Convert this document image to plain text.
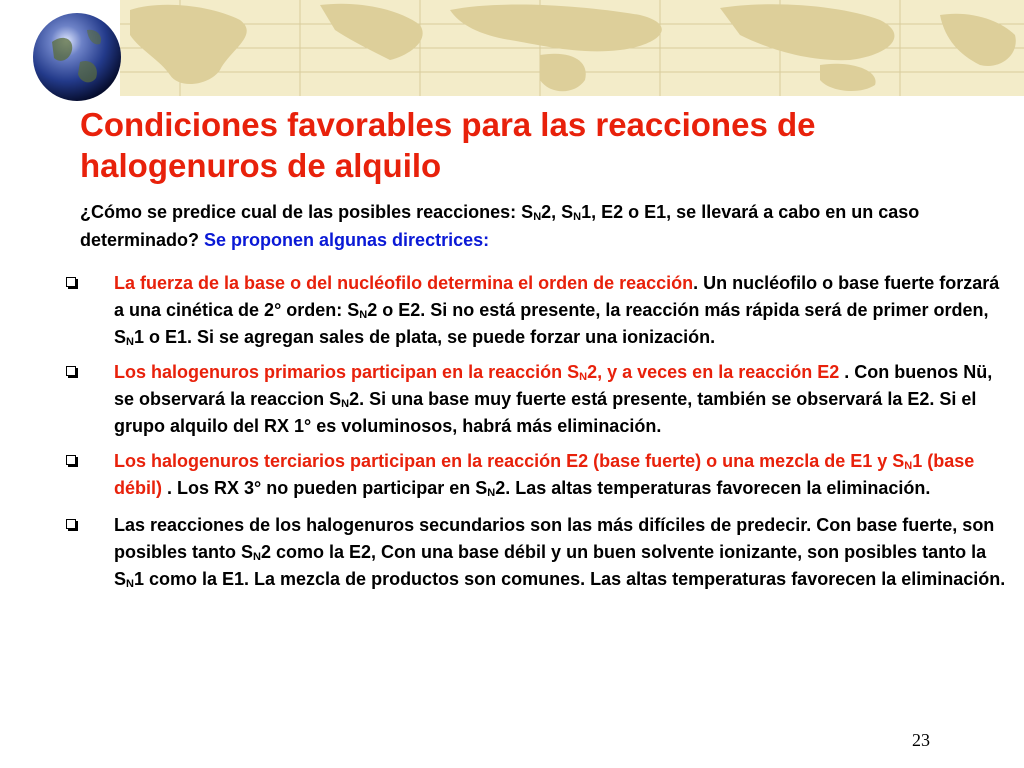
Condiciones favorables para las reacciones de
halogenuros de alquilo

¿Cómo se predice cual de las posibles reacciones: $S_N2$, $S_N1$, E2 o E1, se llevará a cabo en un caso determinado? Se proponen algunas directrices:

La fuerza de la base o del nucléofilo determina el orden de reacción. Un nucléofilo o base fuerte forzará a una cinética de 2° orden: $S_N2$ o E2. Si no está presente, la reacción más rápida será de primer orden, $S_N1$ o E1. Si se agregan sales de plata, se puede forzar una ionización.
Los halogenuros primarios participan en la reacción $S_N2$, y a veces en la reacción E2 . Con buenos Nü, se observará la reaccion $S_N2$. Si una base muy fuerte está presente, también se observará la E2. Si el grupo alquilo del RX 1° es voluminosos, habrá más eliminación.
Los halogenuros terciarios participan en la reacción E2 (base fuerte) o una mezcla de E1 y $S_N1$ (base débil) . Los RX 3° no pueden participar en $S_N2$. Las altas temperaturas favorecen la eliminación.
Las reacciones de los halogenuros secundarios son las más difíciles de predecir. Con base fuerte, son posibles tanto $S_N2$ como la E2, Con una base débil y un buen solvente ionizante, son posibles tanto la $S_N1$ como la E1. La mezcla de productos son comunes. Las altas temperaturas favorecen la eliminación.
23
